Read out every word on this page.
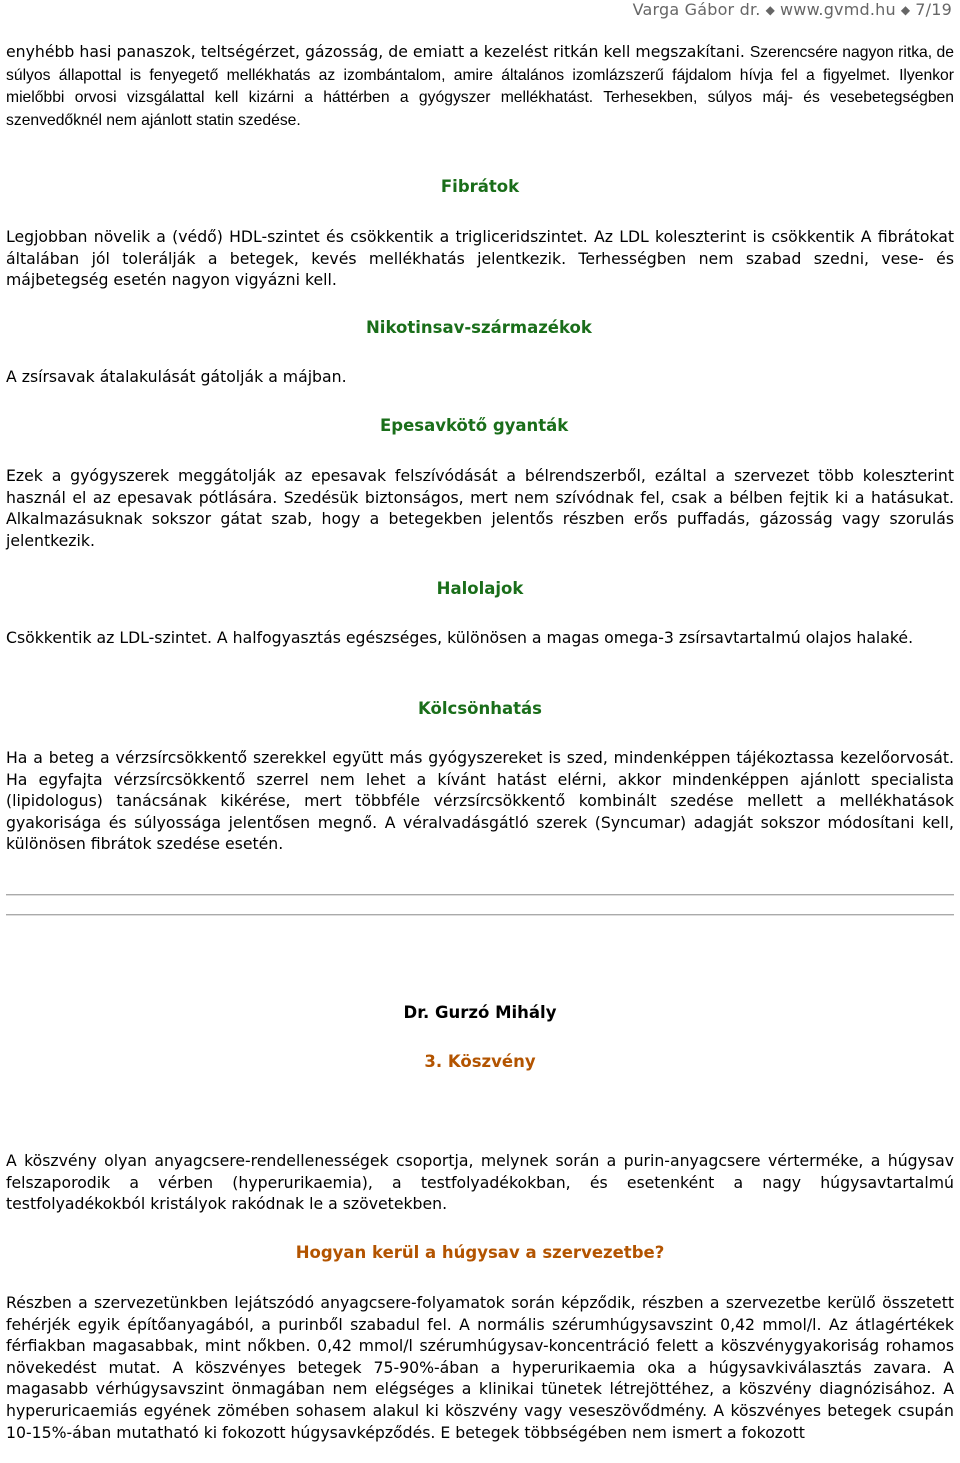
Varga Gábor dr. ◆ www.gvmd.hu ◆ 7/19

enyhébb hasi panaszok, teltségérzet, gázosság, de emiatt a kezelést ritkán kell megszakítani. Szerencsére nagyon ritka, de súlyos állapottal is fenyegető mellékhatás az izombántalom, amire általános izomlázszerű fájdalom hívja fel a figyelmet. Ilyenkor mielőbbi orvosi vizsgálattal kell kizárni a háttérben a gyógyszer mellékhatást. Terhesekben, súlyos máj- és vesebetegségben szenvedőknél nem ajánlott statin szedése.

Fibrátok

Legjobban növelik a (védő) HDL-szintet és csökkentik a trigliceridszintet. Az LDL koleszterint is csökkentik A fibrátokat általában jól tolerálják a betegek, kevés mellékhatás jelentkezik. Terhességben nem szabad szedni, vese- és májbetegség esetén nagyon vigyázni kell.

Nikotinsav-származékok

A zsírsavak átalakulását gátolják a májban.

Epesavkötő gyanták

Ezek a gyógyszerek meggátolják az epesavak felszívódását a bélrendszerből, ezáltal a szervezet több koleszterint használ el az epesavak pótlására. Szedésük biztonságos, mert nem szívódnak fel, csak a bélben fejtik ki a hatásukat. Alkalmazásuknak sokszor gátat szab, hogy a betegekben jelentős részben erős puffadás, gázosság vagy szorulás jelentkezik.

Halolajok

Csökkentik az LDL-szintet. A halfogyasztás egészséges, különösen a magas omega-3 zsírsavtartalmú olajos halaké.

Kölcsönhatás

Ha a beteg a vérzsírcsökkentő szerekkel együtt más gyógyszereket is szed, mindenképpen tájékoztassa kezelőorvosát. Ha egyfajta vérzsírcsökkentő szerrel nem lehet a kívánt hatást elérni, akkor mindenképpen ajánlott specialista (lipidologus) tanácsának kikérése, mert többféle vérzsírcsökkentő kombinált szedése mellett a mellékhatások gyakorisága és súlyossága jelentősen megnő. A véralvadásgátló szerek (Syncumar) adagját sokszor módosítani kell, különösen fibrátok szedése esetén.

Dr. Gurzó Mihály
3. Köszvény

A köszvény olyan anyagcsere-rendellenességek csoportja, melynek során a purin-anyagcsere vérterméke, a húgysav felszaporodik a vérben (hyperurikaemia), a testfolyadékokban, és esetenként a nagy húgysavtartalmú testfolyadékokból kristályok rakódnak le a szövetekben.

Hogyan kerül a húgysav a szervezetbe?

Részben a szervezetünkben lejátszódó anyagcsere-folyamatok során képződik, részben a szervezetbe kerülő összetett fehérjék egyik építőanyagából, a purinből szabadul fel. A normális szérumhúgysavszint 0,42 mmol/l. Az átlagértékek férfiakban magasabbak, mint nőkben. 0,42 mmol/l szérumhúgysav-koncentráció felett a köszvénygyakoriság rohamos növekedést mutat. A köszvényes betegek 75-90%-ában a hyperurikaemia oka a húgysavkiválasztás zavara. A magasabb vérhúgysavszint önmagában nem elégséges a klinikai tünetek létrejöttéhez, a köszvény diagnózisához. A hyperuricaemiás egyének zömében sohasem alakul ki köszvény vagy veseszövődmény. A köszvényes betegek csupán 10-15%-ában mutatható ki fokozott húgysavképződés. E betegek többségében nem ismert a fokozott
